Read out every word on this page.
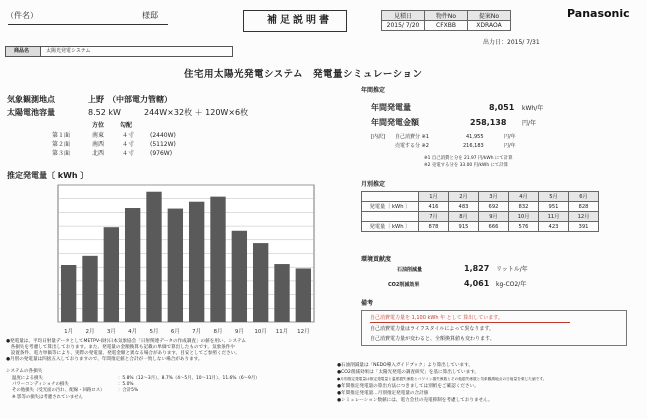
（件名）	様邸	補足説明書	見積日	物件No	提案No
2015/ 7/20	CFXBB	XDRAOA
Panasonic
出力日：2015/ 7/31
商品名	太陽光発電システム
住宅用太陽光発電システム　発電量シミュレーション
気象観測地点	上野　（中部電力管轄）
太陽電池容量	8.52 kW	244W×32枚 ＋ 120W×6枚
方位	勾配
第１面	南東	４寸	(2440W)
第２面	南西	４寸	(5112W)
第３面	北西	４寸	(976W)
推定発電量〔 kWh 〕
1月 2月 3月 4月 5月 6月 7月 8月 9月 10月 11月 12月
年間推定
年間発電量	8,051 kWh/年
年間発電金額	258,138	円/年
[内訳] 自己消費分 ※1	41,955	円/年
売電する分 ※2	216,183	円/年
※1 自己消費と分を 21.97 円/kWh にて計算
※2 売電する分を 33.00 円/kWh にて計算
月別推定
	1月	2月	3月	4月	5月	6月
発電量〔 kWh 〕	416	483	692	832	951	828
	7月	8月	9月	10月	11月	12月
発電量〔 kWh 〕	878	915	666	576	423	391
環境貢献度
石油削減量	1,827 リットル/年
CO2削減効果	4,061 kg-CO2/年
備考
自己消費電力量を 1,100 kWh 年 として 算出しています。
自己消費電力量はライフスタイルによって異なります。
自己消費電力量が変わると、全額換算値も変わります。
●発電量は、平均日射量データとしてMETPV-(財)日本気象協会「日射関連データの作成調査」の値を用い、システム
　各損失を考慮して算出しております。また、発電量の金額換算も記載の単価で算出したものです。気象条件や
　設置条件、電力単価等により、実際の発電量、発電金額と異なる場合があります。目安としてご参照ください。
●月別の発電量は四捨五入しておりますので、年間推定値と合計が一致しない場合があります。
システムの各損失
温度による損失	：5.8%（12～3月）、8.7%（4～5月、10～11月）、11.6%（6～9月）
パワーコンディショナの損失	：5.0%
その他損失（受光面の汚れ、配線・回路ロス）	：合計5%
※ 影等の損失は考慮されていません
●石油削減量は「NEDO導入ガイドブック」より算出しています。
●CO2削減効果は「太陽光発電の調査研究」を基に算出しています。
●月別推定発電量は推定発電量と温度損失係数とパワコン損失係数とその他損失係数と気象観測地点の日射量を乗じた値です。
●年間推定発電量の算出方法につきましては別紙をご確認ください。
●年間推定発電量…月別推定発電量の合計値
●シミュレーション数値には、電力会社の売電抑制を考慮しておりません。
